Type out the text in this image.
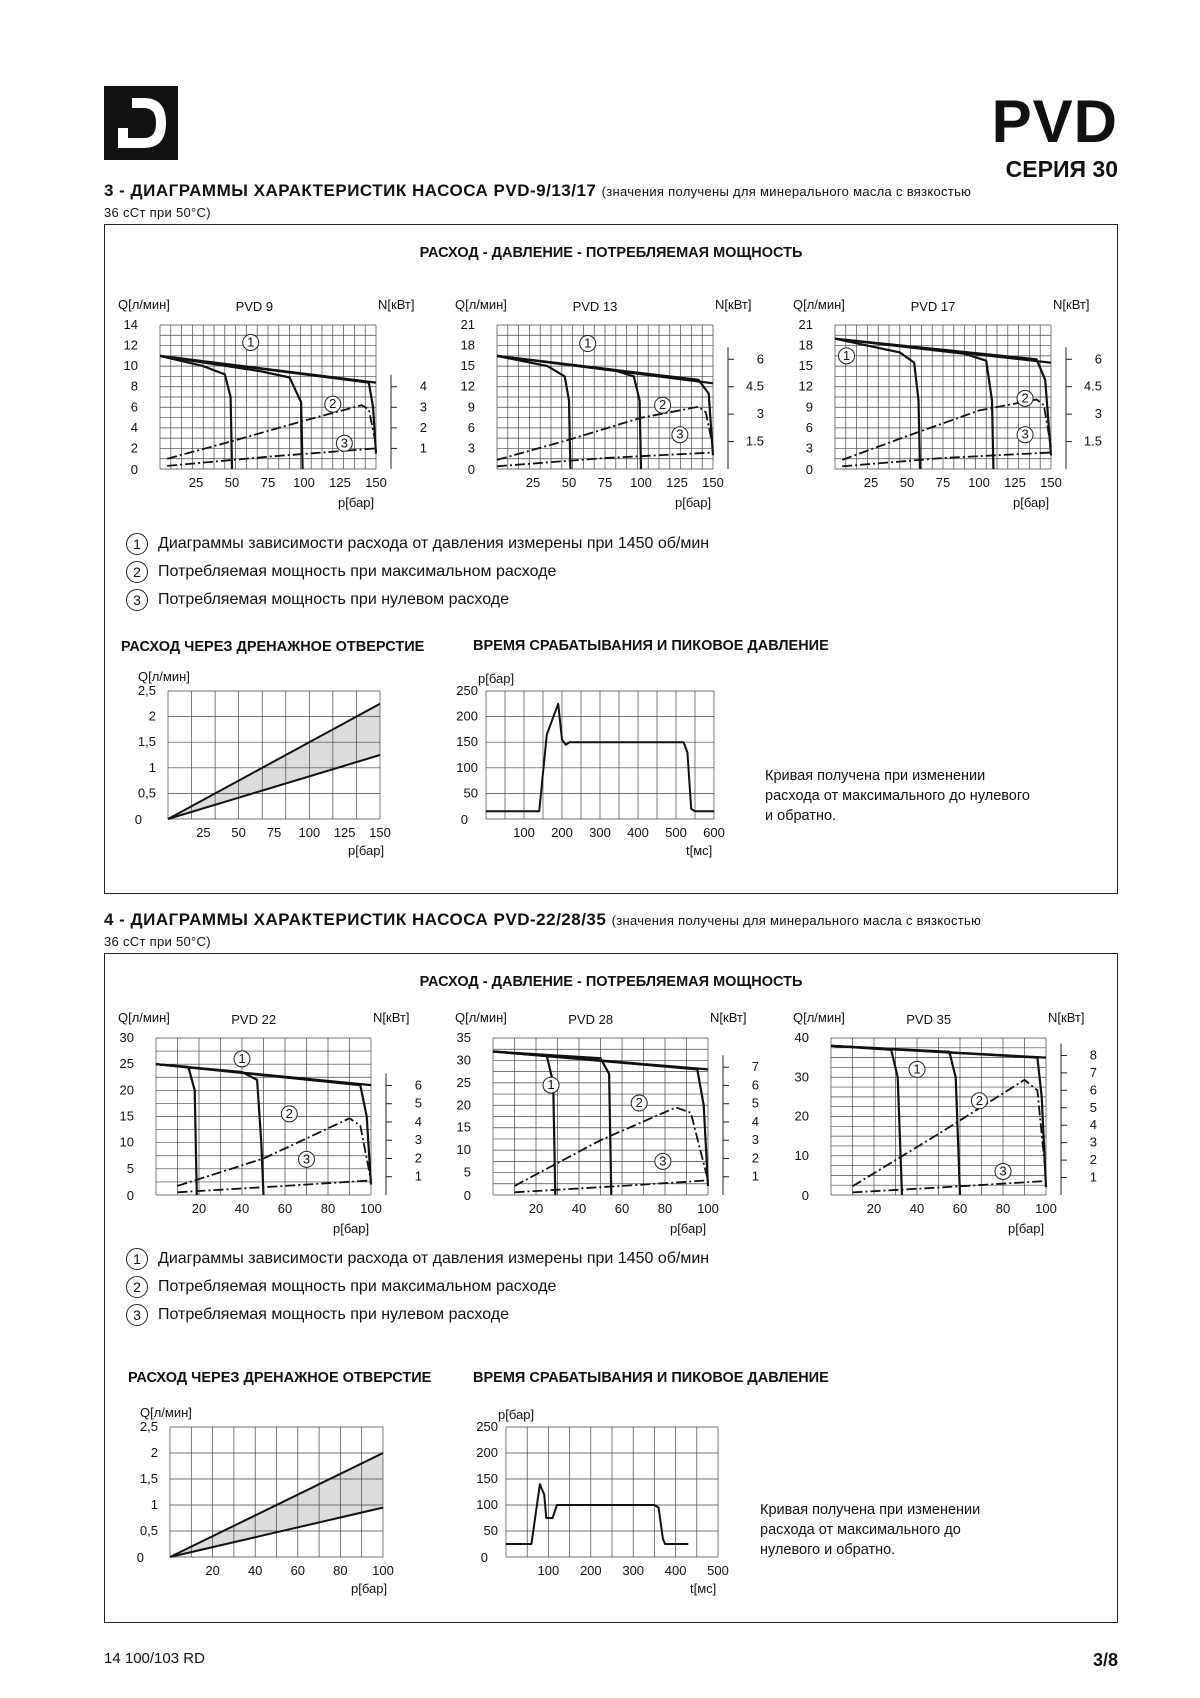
PVD
СЕРИЯ 30
3 - ДИАГРАММЫ ХАРАКТЕРИСТИК НАСОСА PVD-9/13/17 (значения получены для минерального масла с вязкостью
36 сСт при 50°С)
РАСХОД - ДАВЛЕНИЕ - ПОТРЕБЛЯЕМАЯ МОЩНОСТЬ
1 Диаграммы зависимости расхода от давления измерены при 1450 об/мин
2 Потребляемая мощность при максимальном расходе
3 Потребляемая мощность при нулевом расходе
РАСХОД ЧЕРЕЗ ДРЕНАЖНОЕ ОТВЕРСТИЕ	ВРЕМЯ СРАБАТЫВАНИЯ И ПИКОВОЕ ДАВЛЕНИЕ
Кривая получена при изменении
расхода от максимального до нулевого
и обратно.
4 - ДИАГРАММЫ ХАРАКТЕРИСТИК НАСОСА PVD-22/28/35 (значения получены для минерального масла с вязкостью
36 сСт при 50°С)
РАСХОД - ДАВЛЕНИЕ - ПОТРЕБЛЯЕМАЯ МОЩНОСТЬ
1 Диаграммы зависимости расхода от давления измерены при 1450 об/мин
2 Потребляемая мощность при максимальном расходе
3 Потребляемая мощность при нулевом расходе
РАСХОД ЧЕРЕЗ ДРЕНАЖНОЕ ОТВЕРСТИЕ	ВРЕМЯ СРАБАТЫВАНИЯ И ПИКОВОЕ ДАВЛЕНИЕ
Кривая получена при изменении
расхода от максимального до
нулевого и обратно.
Q[л/мин]	PVD 9	N[кВт]
p[бар]
0
2
4
6
8
10
12
14
25 50 75 100 125 150
1
2
3
4
1
2
3
Q[л/мин]	PVD 13	N[кВт]
p[бар]
0
3
6
9
12
15
18
21
25 50 75 100 125 150
1.5
3
4.5
6
1
2
3
Q[л/мин]	PVD 17	N[кВт]
p[бар]
0
3
6
9
12
15
18
21
25 50 75 100 125 150
1.5
3
4.5
6
1
2
3
Q[л/мин]
p[бар]
0
0,5
1
1,5
2
2,5
25 50 75 100 125 150
p[бар]
t[мс]
0
50
100
150
200
250
100 200 300 400 500 600
Q[л/мин]	PVD 22	N[кВт]
p[бар]
0
5
10
15
20
25
30
20 40 60 80 100
1
2
3
4
5
6
1
2
3
Q[л/мин]	PVD 28	N[кВт]
p[бар]
0
5
10
15
20
25
30
35
20 40 60 80 100
1
2
3
4
5
6
7
1
2
3
Q[л/мин]	PVD 35	N[кВт]
p[бар]
0
10
20
30
40
20 40 60 80 100
1
2
3
4
5
6
7
8
1
2
3
Q[л/мин]
p[бар]
0
0,5
1
1,5
2
2,5
20 40 60 80 100
p[бар]
t[мс]
0
50
100
150
200
250
100 200 300 400 500
14 100/103 RD	3/8
